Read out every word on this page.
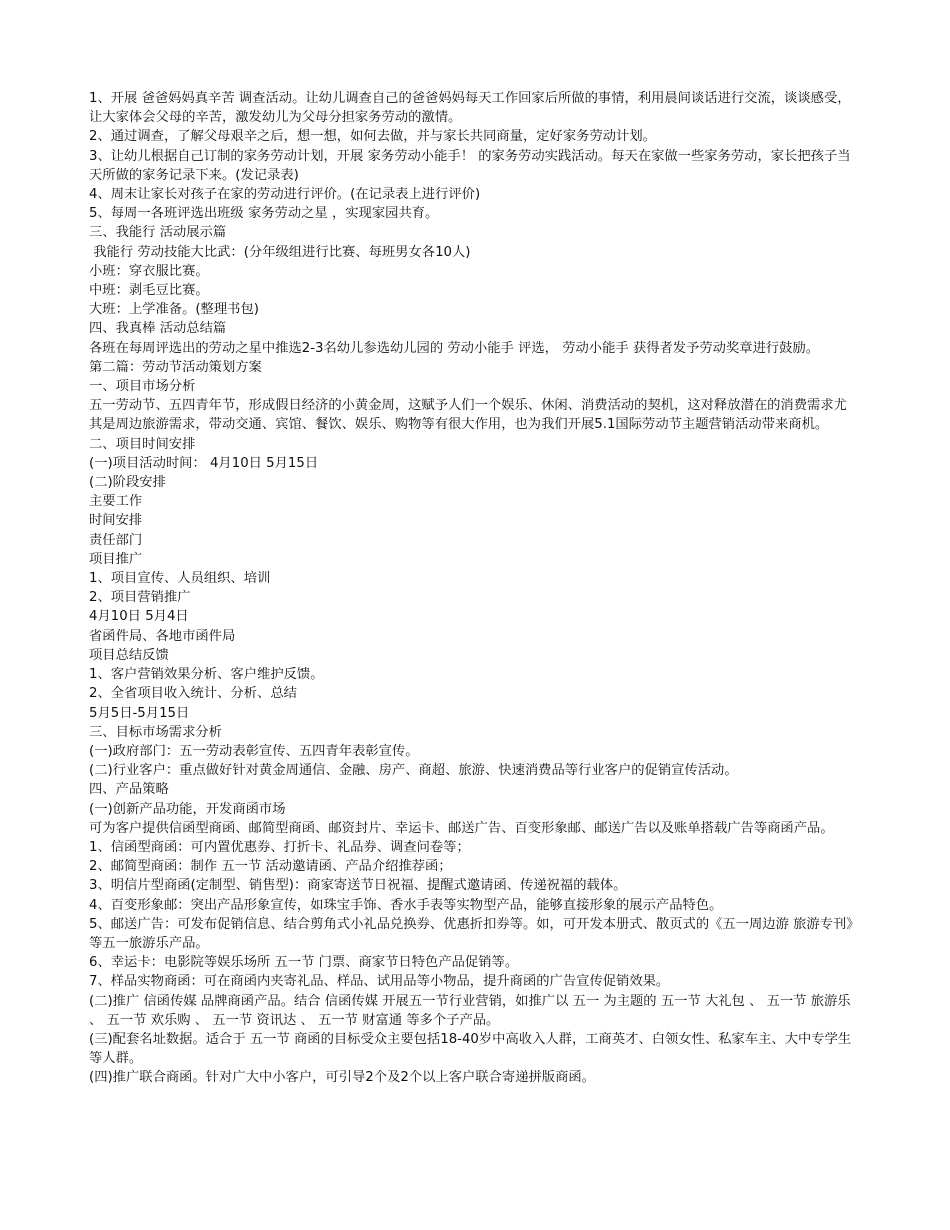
1、开展 爸爸妈妈真辛苦 调查活动。让幼儿调查自己的爸爸妈妈每天工作回家后所做的事情，利用晨间谈话进行交流，谈谈感受，让大家体会父母的辛苦，激发幼儿为父母分担家务劳动的激情。

2、通过调查，了解父母艰辛之后，想一想，如何去做，并与家长共同商量，定好家务劳动计划。

3、让幼儿根据自己订制的家务劳动计划，开展 家务劳动小能手！ 的家务劳动实践活动。每天在家做一些家务劳动，家长把孩子当天所做的家务记录下来。(发记录表)

4、周末让家长对孩子在家的劳动进行评价。(在记录表上进行评价)

5、每周一各班评选出班级 家务劳动之星 ，实现家园共育。

三、我能行 活动展示篇

我能行 劳动技能大比武：(分年级组进行比赛、每班男女各10人)

小班：穿衣服比赛。

中班：剥毛豆比赛。

大班：上学准备。(整理书包)

四、我真棒 活动总结篇

各班在每周评选出的劳动之星中推选2-3名幼儿参选幼儿园的 劳动小能手 评选， 劳动小能手 获得者发予劳动奖章进行鼓励。

第二篇：劳动节活动策划方案

一、项目市场分析

五一劳动节、五四青年节，形成假日经济的小黄金周，这赋予人们一个娱乐、休闲、消费活动的契机，这对释放潜在的消费需求尤其是周边旅游需求，带动交通、宾馆、餐饮、娱乐、购物等有很大作用，也为我们开展5.1国际劳动节主题营销活动带来商机。

二、项目时间安排

(一)项目活动时间： 4月10日 5月15日

(二)阶段安排

主要工作

时间安排

责任部门

项目推广

1、项目宣传、人员组织、培训

2、项目营销推广

4月10日 5月4日

省函件局、各地市函件局

项目总结反馈

1、客户营销效果分析、客户维护反馈。

2、全省项目收入统计、分析、总结

5月5日-5月15日

三、目标市场需求分析

(一)政府部门：五一劳动表彰宣传、五四青年表彰宣传。

(二)行业客户：重点做好针对黄金周通信、金融、房产、商超、旅游、快速消费品等行业客户的促销宣传活动。

四、产品策略

(一)创新产品功能，开发商函市场

可为客户提供信函型商函、邮简型商函、邮资封片、幸运卡、邮送广告、百变形象邮、邮送广告以及账单搭载广告等商函产品。

1、信函型商函：可内置优惠券、打折卡、礼品券、调查问卷等；

2、邮简型商函：制作 五一节 活动邀请函、产品介绍推荐函；

3、明信片型商函(定制型、销售型)：商家寄送节日祝福、提醒式邀请函、传递祝福的载体。

4、百变形象邮：突出产品形象宣传，如珠宝手饰、香水手表等实物型产品，能够直接形象的展示产品特色。

5、邮送广告：可发布促销信息、结合剪角式小礼品兑换券、优惠折扣券等。如，可开发本册式、散页式的《五一周边游 旅游专刊》等五一旅游乐产品。

6、幸运卡：电影院等娱乐场所 五一节 门票、商家节日特色产品促销等。

7、样品实物商函：可在商函内夹寄礼品、样品、试用品等小物品，提升商函的广告宣传促销效果。

(二)推广 信函传媒 品牌商函产品。结合 信函传媒 开展五一节行业营销，如推广以 五一 为主题的 五一节 大礼包 、 五一节 旅游乐 、 五一节 欢乐购 、 五一节 资讯达 、 五一节 财富通 等多个子产品。

(三)配套名址数据。适合于 五一节 商函的目标受众主要包括18-40岁中高收入人群，工商英才、白领女性、私家车主、大中专学生等人群。

(四)推广联合商函。针对广大中小客户，可引导2个及2个以上客户联合寄递拼版商函。
